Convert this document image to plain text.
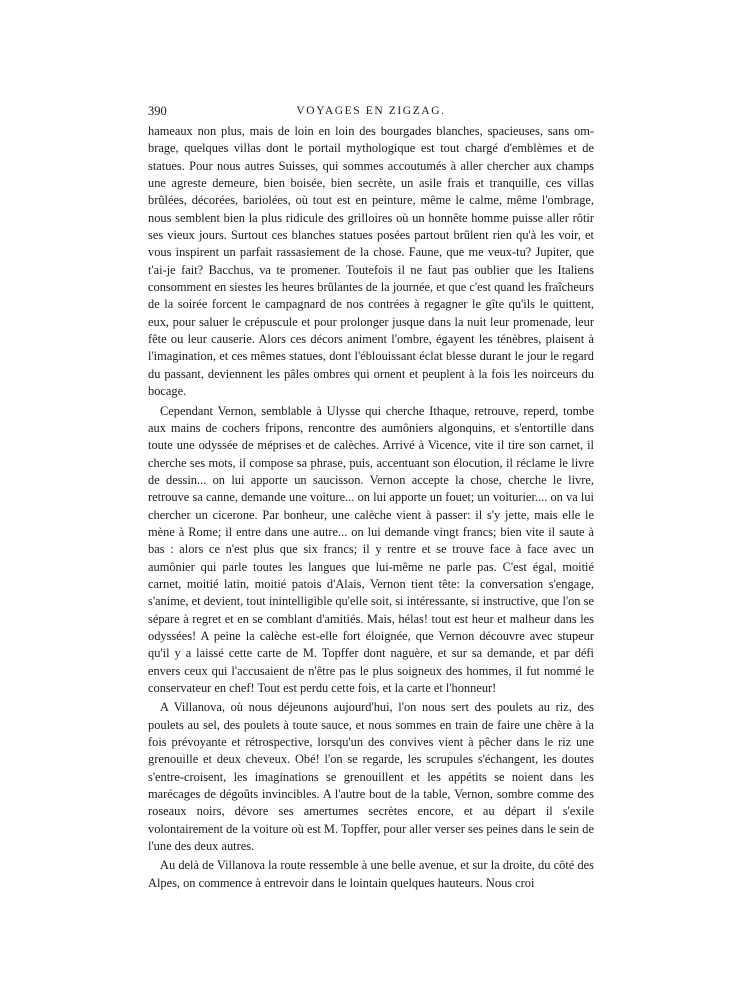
390	VOYAGES EN ZIGZAG.

hameaux non plus, mais de loin en loin des bourgades blanches, spacieuses, sans ombrage, quelques villas dont le portail mythologique est tout chargé d'emblèmes et de statues. Pour nous autres Suisses, qui sommes accoutumés à aller chercher aux champs une agreste demeure, bien boisée, bien secrète, un asile frais et tranquille, ces villas brûlées, décorées, bariolées, où tout est en peinture, même le calme, même l'ombrage, nous semblent bien la plus ridicule des grilloires où un honnête homme puisse aller rôtir ses vieux jours. Surtout ces blanches statues posées partout brûlent rien qu'à les voir, et vous inspirent un parfait rassasiement de la chose. Faune, que me veux-tu? Jupiter, que t'ai-je fait? Bacchus, va te promener. Toutefois il ne faut pas oublier que les Italiens consomment en siestes les heures brûlantes de la journée, et que c'est quand les fraîcheurs de la soirée forcent le campagnard de nos contrées à regagner le gîte qu'ils le quittent, eux, pour saluer le crépuscule et pour prolonger jusque dans la nuit leur promenade, leur fête ou leur causerie. Alors ces décors animent l'ombre, égayent les ténèbres, plaisent à l'imagination, et ces mêmes statues, dont l'éblouissant éclat blesse durant le jour le regard du passant, deviennent les pâles ombres qui ornent et peuplent à la fois les noirceurs du bocage.

Cependant Vernon, semblable à Ulysse qui cherche Ithaque, retrouve, reperd, tombe aux mains de cochers fripons, rencontre des aumôniers algonquins, et s'entortille dans toute une odyssée de méprises et de calèches. Arrivé à Vicence, vite il tire son carnet, il cherche ses mots, il compose sa phrase, puis, accentuant son élocution, il réclame le livre de dessin... on lui apporte un saucisson. Vernon accepte la chose, cherche le livre, retrouve sa canne, demande une voiture... on lui apporte un fouet; un voiturier.... on va lui chercher un cicerone. Par bonheur, une calèche vient à passer: il s'y jette, mais elle le mène à Rome; il entre dans une autre... on lui demande vingt francs; bien vite il saute à bas : alors ce n'est plus que six francs; il y rentre et se trouve face à face avec un aumônier qui parle toutes les langues que lui-même ne parle pas. C'est égal, moitié carnet, moitié latin, moitié patois d'Alais, Vernon tient tête: la conversation s'engage, s'anime, et devient, tout inintelligible qu'elle soit, si intéressante, si instructive, que l'on se sépare à regret et en se comblant d'amitiés. Mais, hélas! tout est heur et malheur dans les odyssées! A peine la calèche est-elle fort éloignée, que Vernon découvre avec stupeur qu'il y a laissé cette carte de M. Topffer dont naguère, et sur sa demande, et par défi envers ceux qui l'accusaient de n'être pas le plus soigneux des hommes, il fut nommé le conservateur en chef! Tout est perdu cette fois, et la carte et l'honneur!

A Villanova, où nous déjeunons aujourd'hui, l'on nous sert des poulets au riz, des poulets au sel, des poulets à toute sauce, et nous sommes en train de faire une chère à la fois prévoyante et rétrospective, lorsqu'un des convives vient à pêcher dans le riz une grenouille et deux cheveux. Obé! l'on se regarde, les scrupules s'échangent, les doutes s'entre-croisent, les imaginations se grenouillent et les appétits se noient dans les marécages de dégoûts invincibles. A l'autre bout de la table, Vernon, sombre comme des roseaux noirs, dévore ses amertumes secrètes encore, et au départ il s'exile volontairement de la voiture où est M. Topffer, pour aller verser ses peines dans le sein de l'une des deux autres.

Au delà de Villanova la route ressemble à une belle avenue, et sur la droite, du côté des Alpes, on commence à entrevoir dans le lointain quelques hauteurs. Nous croi
